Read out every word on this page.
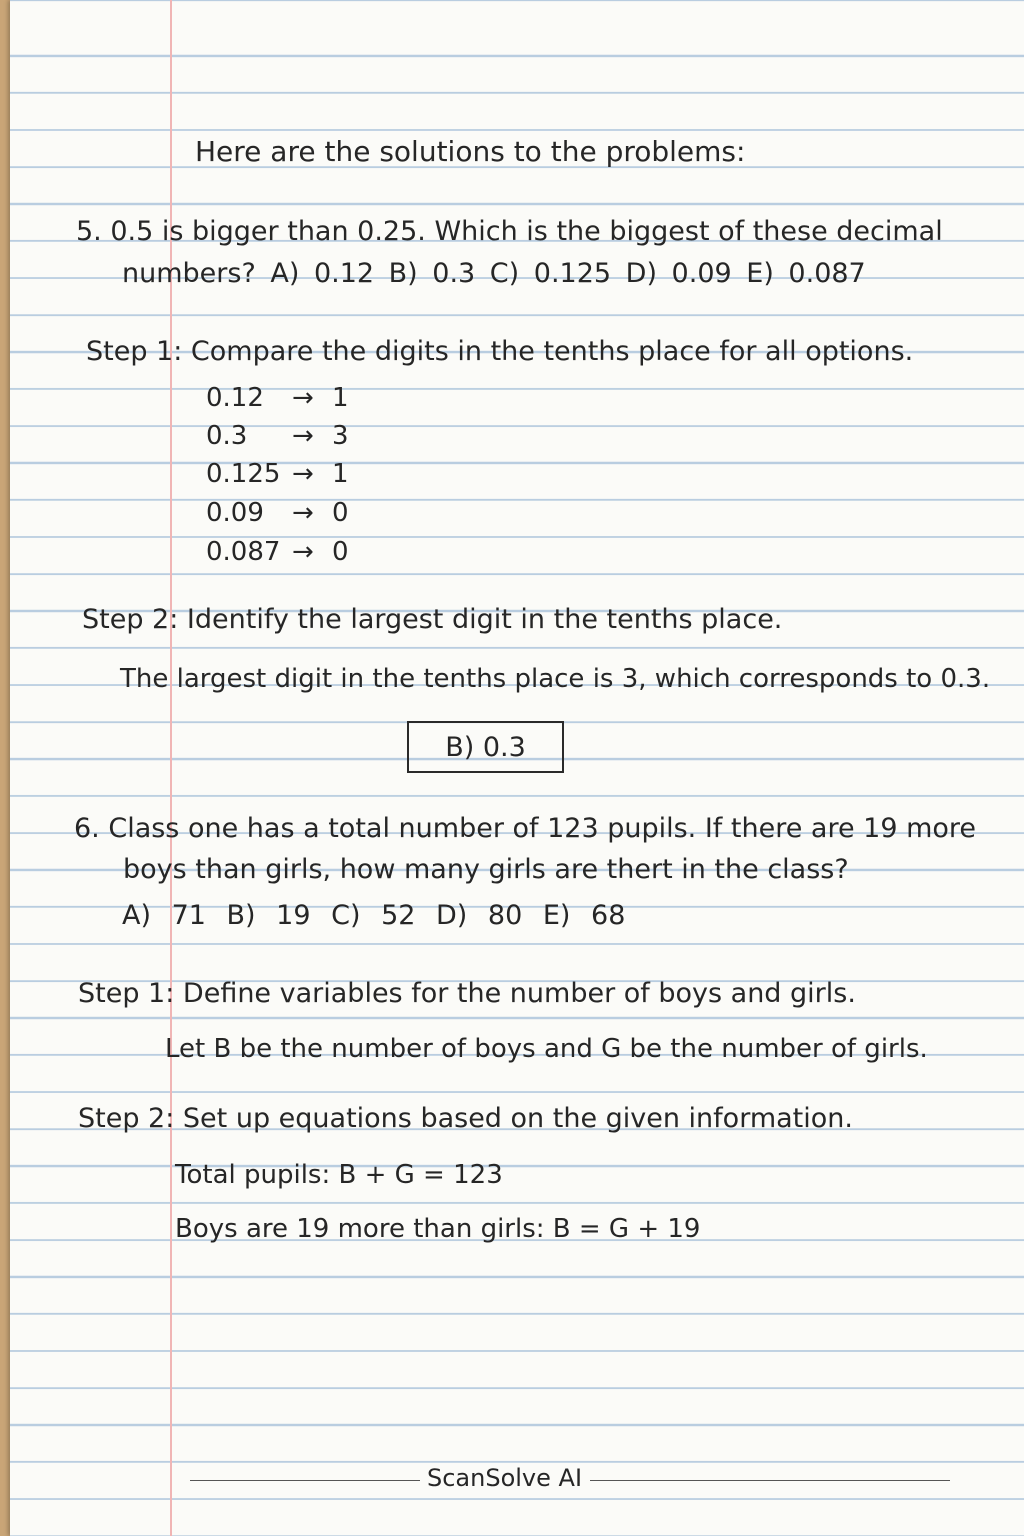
Here are the solutions to the problems:
5. 0.5 is bigger than 0.25. Which is the biggest of these decimal
numbers? A) 0.12 B) 0.3 C) 0.125 D) 0.09 E) 0.087
Step 1: Compare the digits in the tenths place for all options.
0.12 → 1
0.3 → 3
0.125 → 1
0.09 → 0
0.087 → 0
Step 2: Identify the largest digit in the tenths place.
The largest digit in the tenths place is 3, which corresponds to 0.3.
B) 0.3
6. Class one has a total number of 123 pupils. If there are 19 more
boys than girls, how many girls are thert in the class?
A) 71 B) 19 C) 52 D) 80 E) 68
Step 1: Define variables for the number of boys and girls.
Let B be the number of boys and G be the number of girls.
Step 2: Set up equations based on the given information.
Total pupils: B + G = 123
Boys are 19 more than girls: B = G + 19
ScanSolve AI
